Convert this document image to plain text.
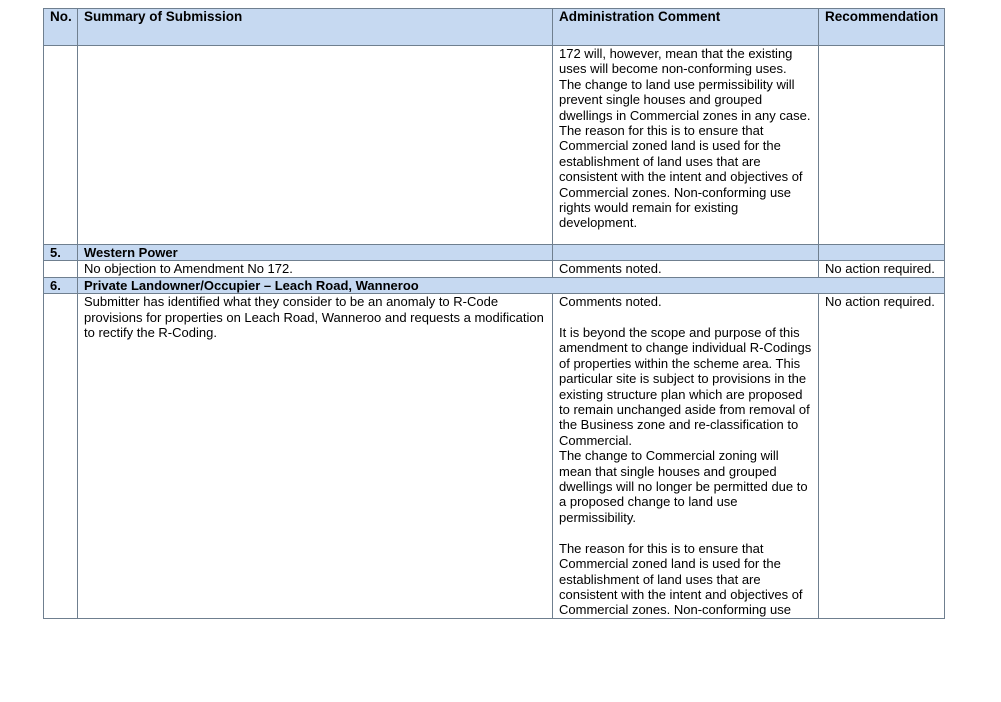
No.	Summary of Submission	Administration Comment	Recommendation

		172 will, however, mean that the existing uses will become non-conforming uses. The change to land use permissibility will prevent single houses and grouped dwellings in Commercial zones in any case. The reason for this is to ensure that Commercial zoned land is used for the establishment of land uses that are consistent with the intent and objectives of Commercial zones. Non-conforming use rights would remain for existing development.	

5.	Western Power		

	No objection to Amendment No 172.	Comments noted.	No action required.

6.	Private Landowner/Occupier – Leach Road, Wanneroo		

	Submitter has identified what they consider to be an anomaly to R-Code provisions for properties on Leach Road, Wanneroo and requests a modification to rectify the R-Coding.	Comments noted.

It is beyond the scope and purpose of this amendment to change individual R-Codings of properties within the scheme area. This particular site is subject to provisions in the existing structure plan which are proposed to remain unchanged aside from removal of the Business zone and re-classification to Commercial.

The change to Commercial zoning will mean that single houses and grouped dwellings will no longer be permitted due to a proposed change to land use permissibility.

The reason for this is to ensure that Commercial zoned land is used for the establishment of land uses that are consistent with the intent and objectives of Commercial zones. Non-conforming use	No action required.
